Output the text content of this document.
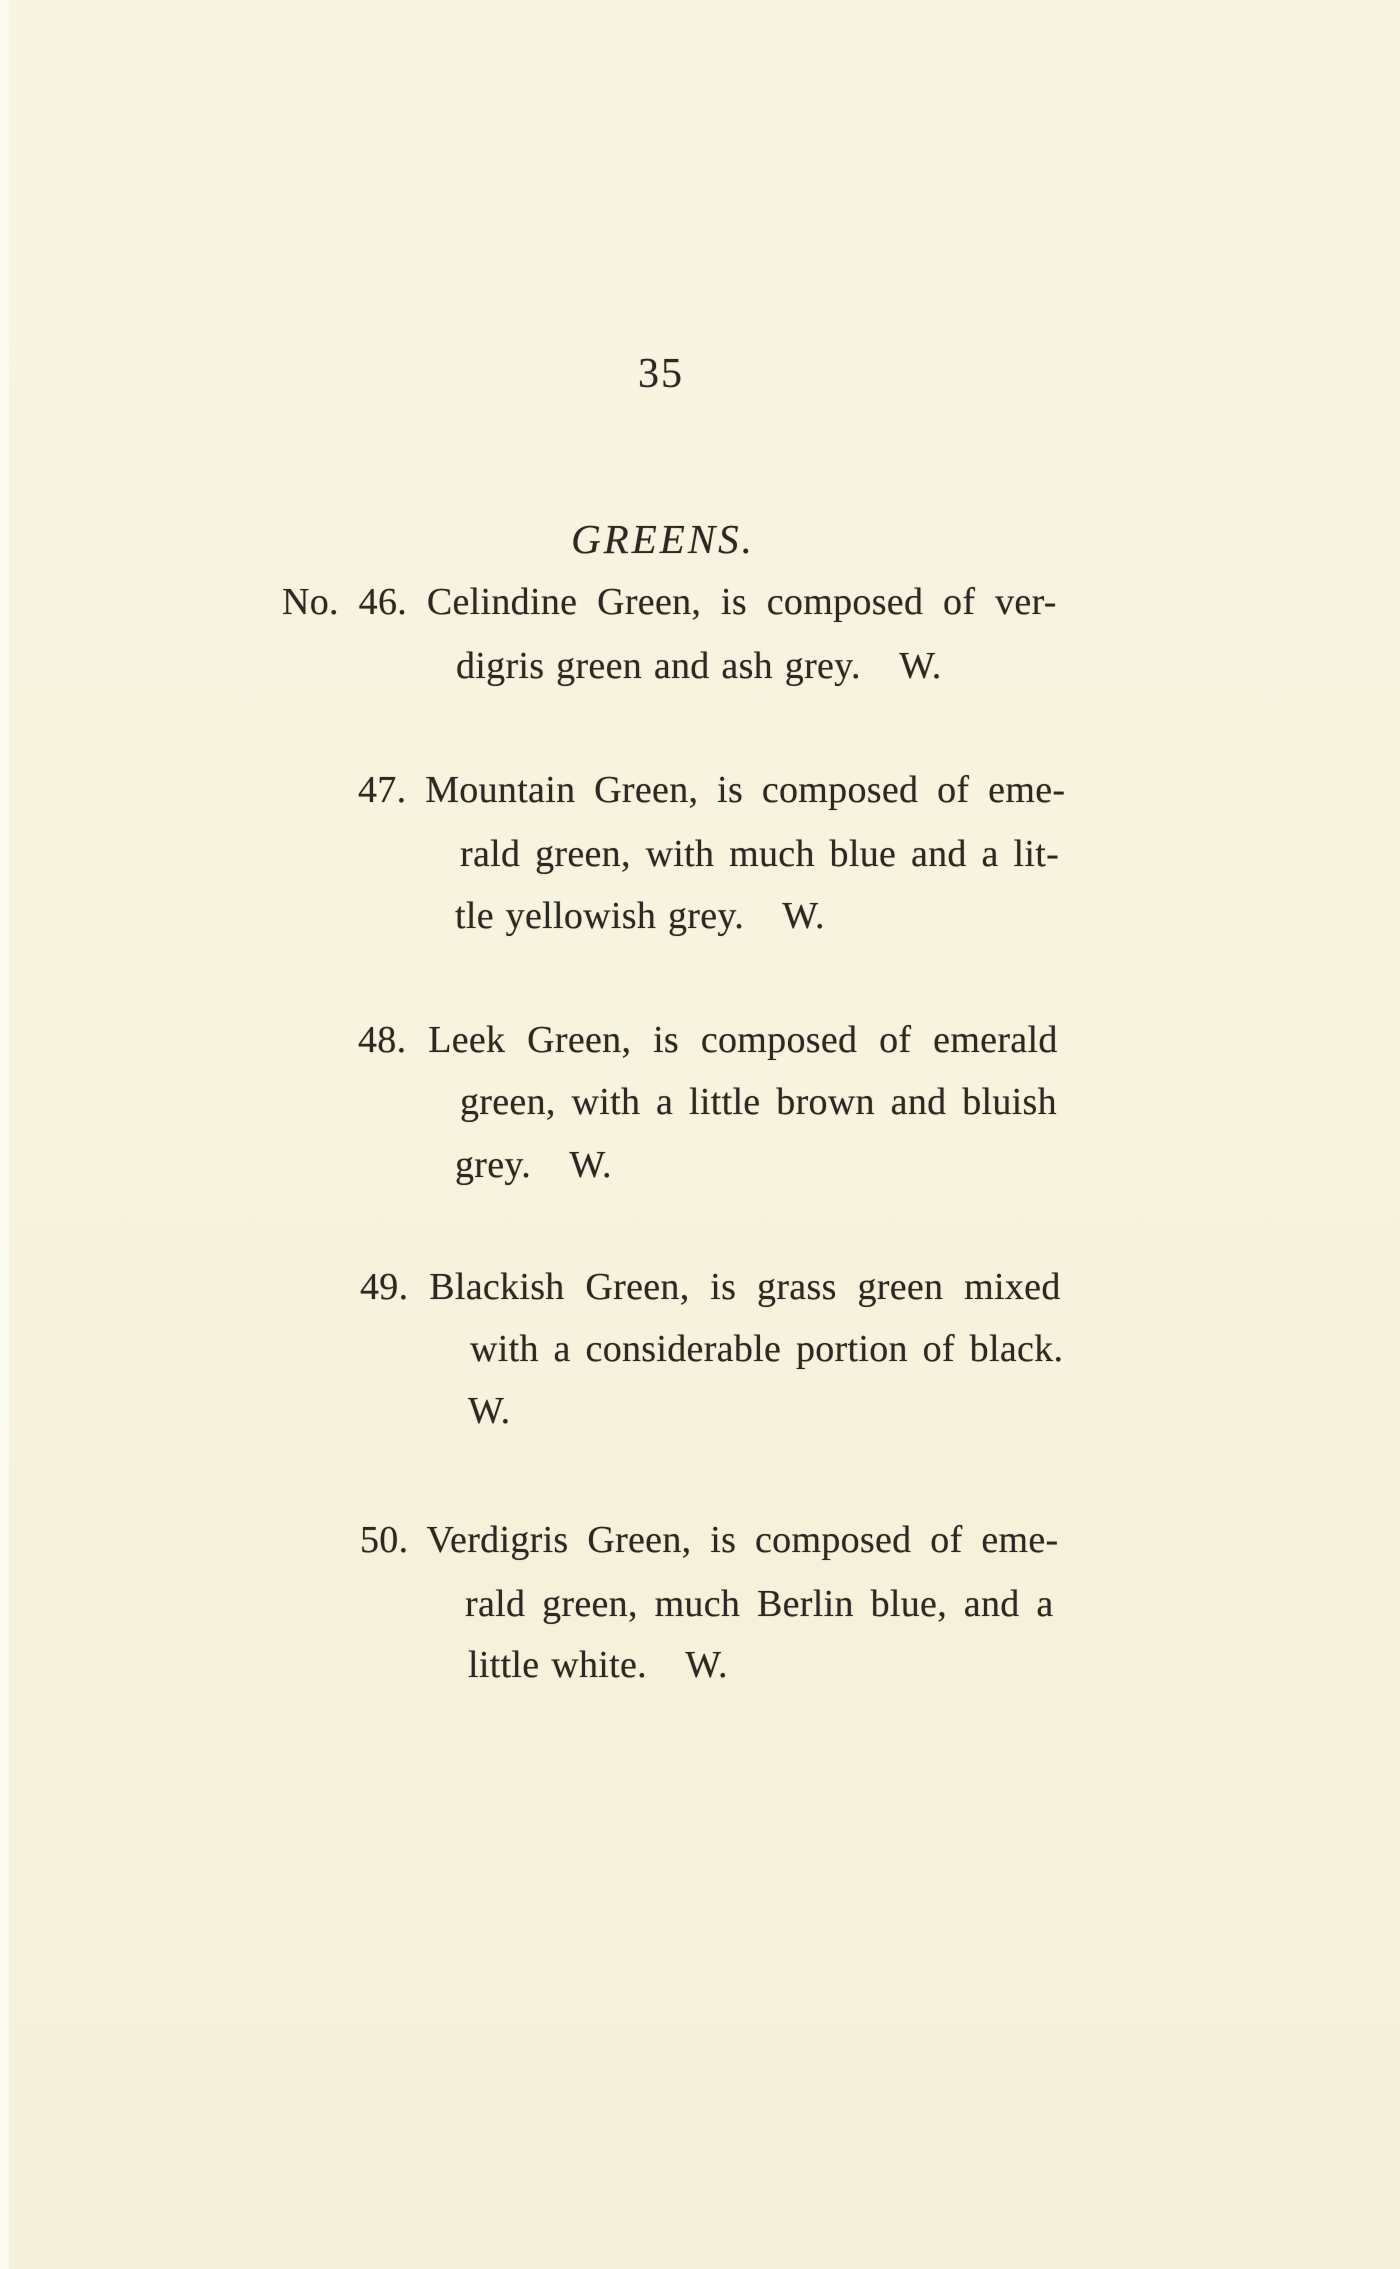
35
GREENS.
No. 46. Celindine Green, is composed of ver-
digris green and ash grey. W.
47. Mountain Green, is composed of eme-
rald green, with much blue and a lit-
tle yellowish grey. W.
48. Leek Green, is composed of emerald
green, with a little brown and bluish
grey. W.
49. Blackish Green, is grass green mixed
with a considerable portion of black.
W.
50. Verdigris Green, is composed of eme-
rald green, much Berlin blue, and a
little white. W.
